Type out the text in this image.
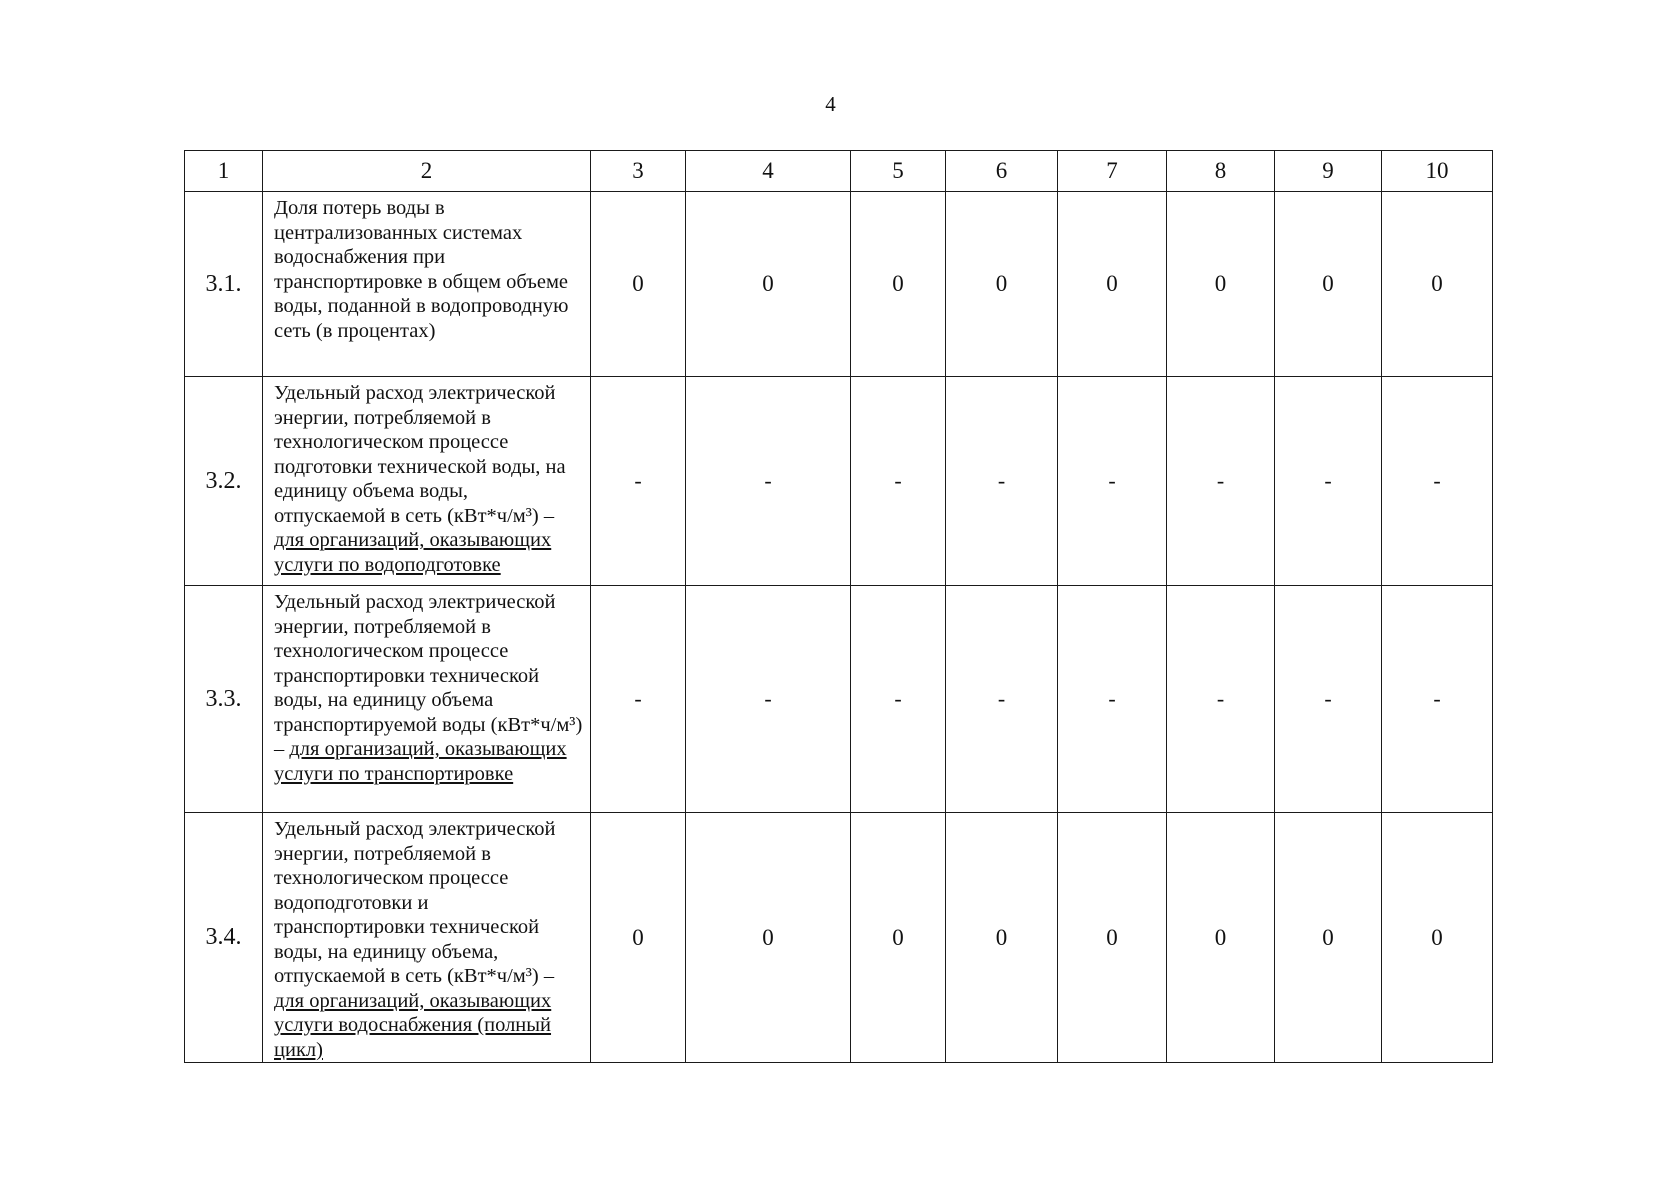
4
1	2	3	4	5	6	7	8	9	10
3.1.	Доля потерь воды в централизованных системах водоснабжения при транспортировке в общем объеме воды, поданной в водопроводную сеть (в процентах)	0	0	0	0	0	0	0	0
3.2.	Удельный расход электрической энергии, потребляемой в технологическом процессе подготовки технической воды, на единицу объема воды, отпускаемой в сеть (кВт*ч/м³) – для организаций, оказывающих услуги по водоподготовке	-	-	-	-	-	-	-	-
3.3.	Удельный расход электрической энергии, потребляемой в технологическом процессе транспортировки технической воды, на единицу объема транспортируемой воды (кВт*ч/м³) – для организаций, оказывающих услуги по транспортировке	-	-	-	-	-	-	-	-
3.4.	Удельный расход электрической энергии, потребляемой в технологическом процессе водоподготовки и транспортировки технической воды, на единицу объема, отпускаемой в сеть (кВт*ч/м³) – для организаций, оказывающих услуги водоснабжения (полный цикл)	0	0	0	0	0	0	0	0
